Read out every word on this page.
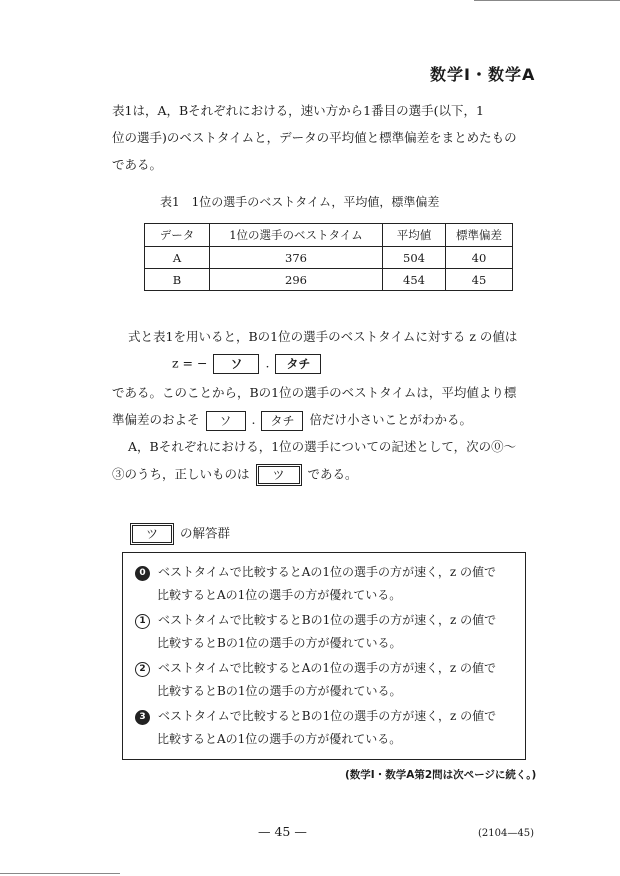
数学Ⅰ・数学A

表1は，A，Bそれぞれにおける，速い方から1番目の選手(以下，1

位の選手)のベストタイムと，データの平均値と標準偏差をまとめたもの

である。

表1　1位の選手のベストタイム，平均値，標準偏差
データ	1位の選手のベストタイム	平均値	標準偏差
A	376	504	40
B	296	454	45
式と表1を用いると，Bの1位の選手のベストタイムに対する z の値は
z = − ソ . タチ
である。このことから，Bの1位の選手のベストタイムは，平均値より標
準偏差のおよそ ソ . タチ 倍だけ小さいことがわかる。
A，Bそれぞれにおける，1位の選手についての記述として，次の⓪～
③のうち，正しいものは ツ である。
ツ の解答群
0 ベストタイムで比較するとAの1位の選手の方が速く，z の値で
比較するとAの1位の選手の方が優れている。
1 ベストタイムで比較するとBの1位の選手の方が速く，z の値で
比較するとBの1位の選手の方が優れている。
2 ベストタイムで比較するとAの1位の選手の方が速く，z の値で
比較するとBの1位の選手の方が優れている。
3 ベストタイムで比較するとBの1位の選手の方が速く，z の値で
比較するとAの1位の選手の方が優れている。
(数学Ⅰ・数学A第2問は次ページに続く。)
— 45 —	(2104—45)
